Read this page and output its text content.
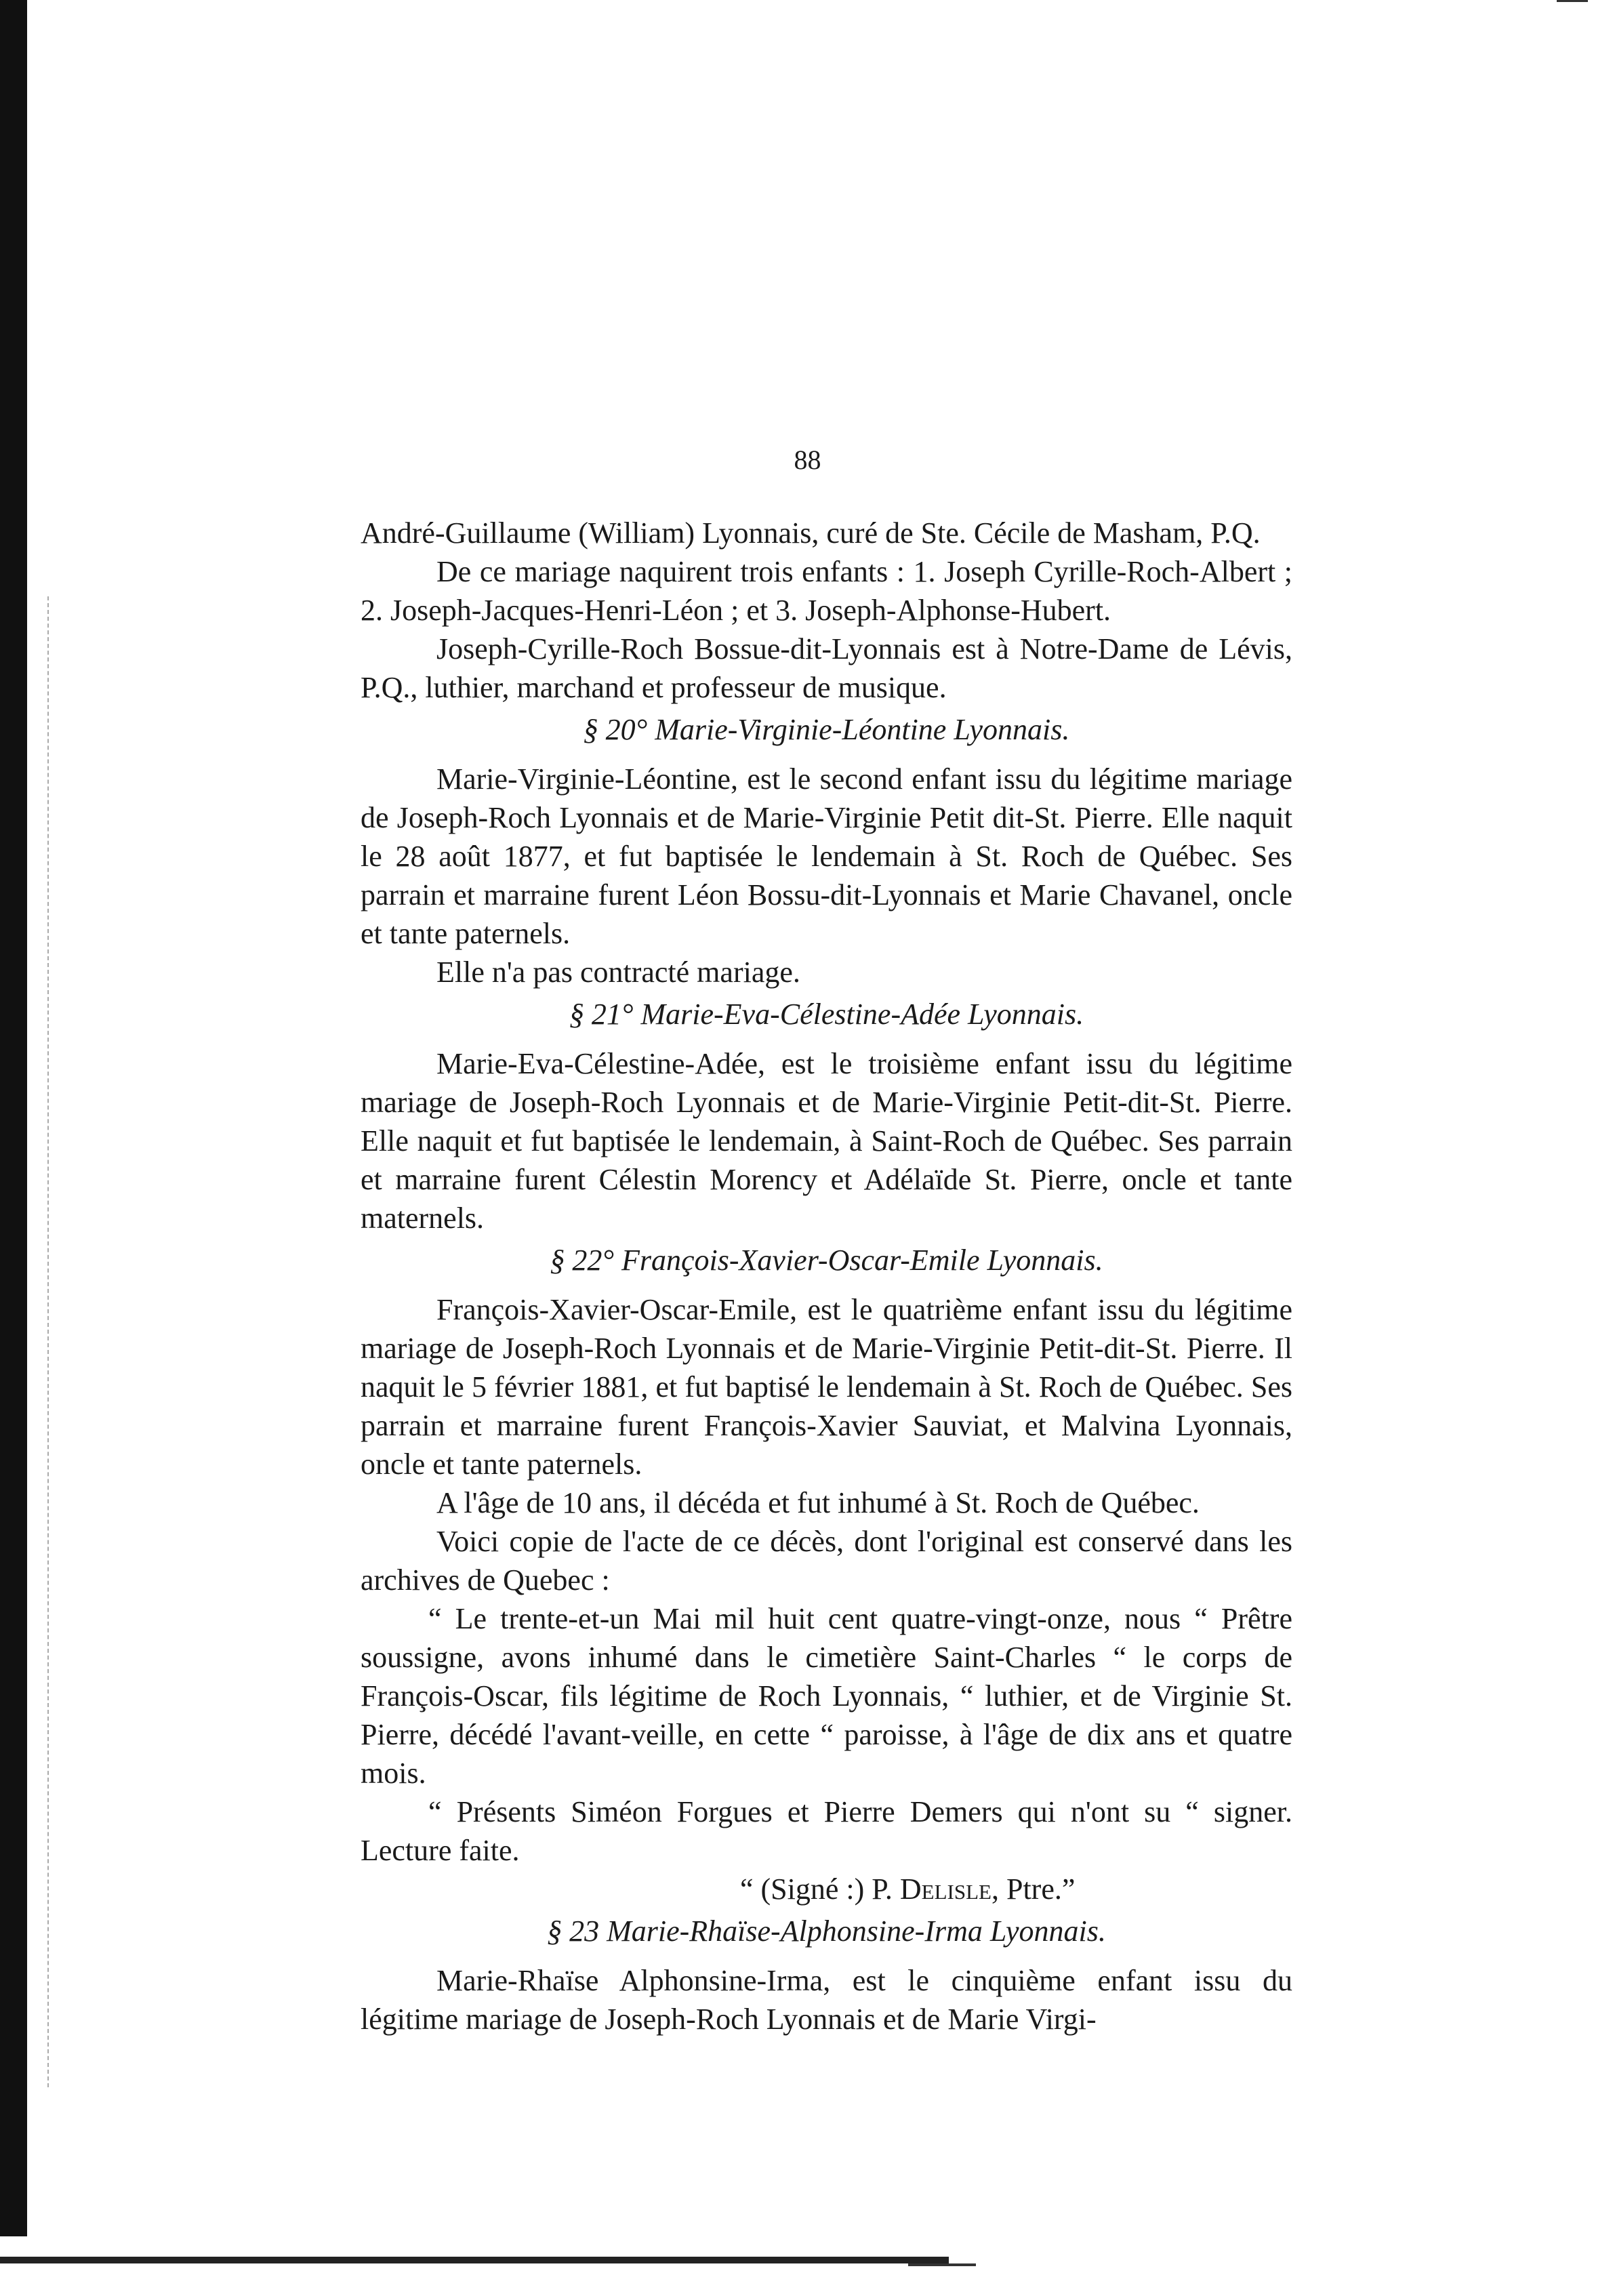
88

André-Guillaume (William) Lyonnais, curé de Ste. Cécile de Masham, P.Q.

De ce mariage naquirent trois enfants : 1. Joseph Cyrille-Roch-Albert ; 2. Joseph-Jacques-Henri-Léon ; et 3. Joseph-Alphonse-Hubert.

Joseph-Cyrille-Roch Bossue-dit-Lyonnais est à Notre-Dame de Lévis, P.Q., luthier, marchand et professeur de musique.

§ 20° Marie-Virginie-Léontine Lyonnais.

Marie-Virginie-Léontine, est le second enfant issu du légitime mariage de Joseph-Roch Lyonnais et de Marie-Virginie Petit dit-St. Pierre. Elle naquit le 28 août 1877, et fut baptisée le lendemain à St. Roch de Québec. Ses parrain et marraine furent Léon Bossu-dit-Lyonnais et Marie Chavanel, oncle et tante paternels.

Elle n'a pas contracté mariage.

§ 21° Marie-Eva-Célestine-Adée Lyonnais.

Marie-Eva-Célestine-Adée, est le troisième enfant issu du légitime mariage de Joseph-Roch Lyonnais et de Marie-Virginie Petit-dit-St. Pierre. Elle naquit et fut baptisée le lendemain, à Saint-Roch de Québec. Ses parrain et marraine furent Célestin Morency et Adélaïde St. Pierre, oncle et tante maternels.

§ 22° François-Xavier-Oscar-Emile Lyonnais.

François-Xavier-Oscar-Emile, est le quatrième enfant issu du légitime mariage de Joseph-Roch Lyonnais et de Marie-Virginie Petit-dit-St. Pierre. Il naquit le 5 février 1881, et fut baptisé le lendemain à St. Roch de Québec. Ses parrain et marraine furent François-Xavier Sauviat, et Malvina Lyonnais, oncle et tante paternels.

A l'âge de 10 ans, il décéda et fut inhumé à St. Roch de Québec.

Voici copie de l'acte de ce décès, dont l'original est conservé dans les archives de Quebec :

“ Le trente-et-un Mai mil huit cent quatre-vingt-onze, nous “ Prêtre soussigne, avons inhumé dans le cimetière Saint-Charles “ le corps de François-Oscar, fils légitime de Roch Lyonnais, “ luthier, et de Virginie St. Pierre, décédé l'avant-veille, en cette “ paroisse, à l'âge de dix ans et quatre mois.

“ Présents Siméon Forgues et Pierre Demers qui n'ont su “ signer. Lecture faite.

“ (Signé :) P. Delisle, Ptre.”

§ 23 Marie-Rhaïse-Alphonsine-Irma Lyonnais.

Marie-Rhaïse Alphonsine-Irma, est le cinquième enfant issu du légitime mariage de Joseph-Roch Lyonnais et de Marie Virgi-
